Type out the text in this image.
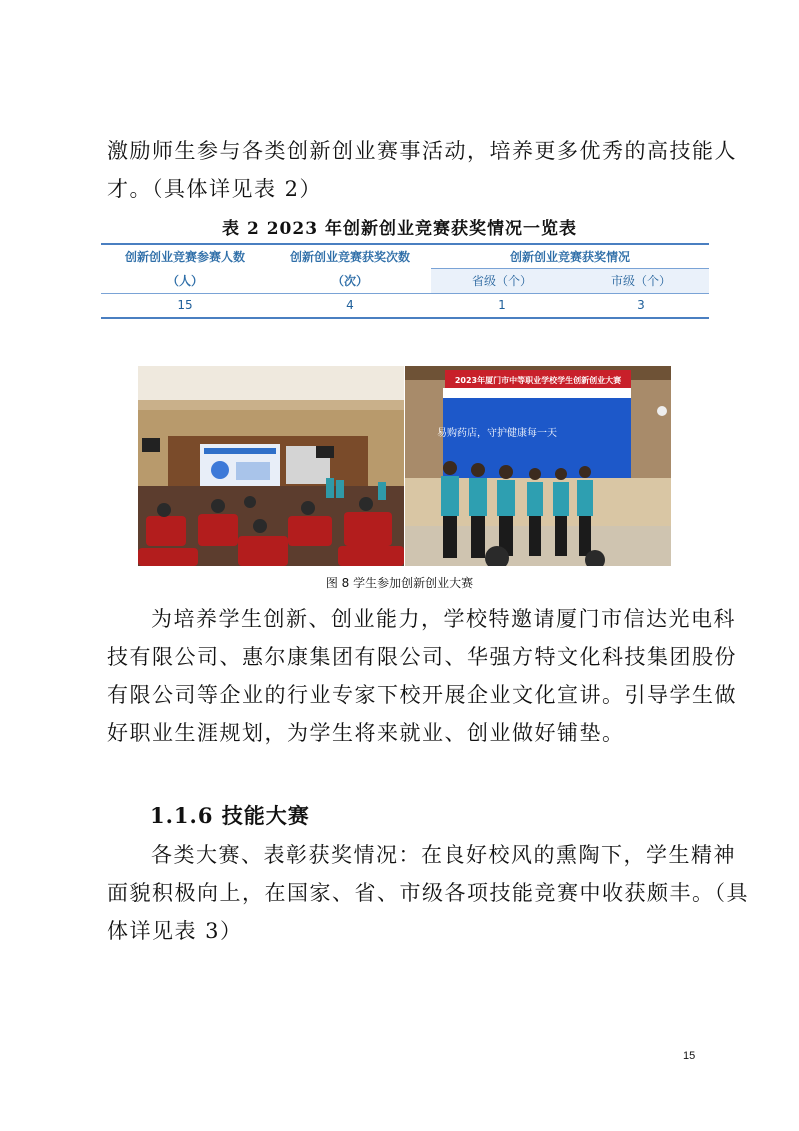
激励师生参与各类创新创业赛事活动，培养更多优秀的高技能人
才。（具体详见表 2）
表 2 2023 年创新创业竞赛获奖情况一览表
创新创业竞赛参赛人数	创新创业竞赛获奖次数	创新创业竞赛获奖情况	
（人）	（次）	省级（个）	市级（个）
15	4	1	3
2023年厦门市中等职业学校学生创新创业大赛
易购药店，守护健康每一天
图 8 学生参加创新创业大赛
为培养学生创新、创业能力，学校特邀请厦门市信达光电科
技有限公司、惠尔康集团有限公司、华强方特文化科技集团股份
有限公司等企业的行业专家下校开展企业文化宣讲。引导学生做
好职业生涯规划，为学生将来就业、创业做好铺垫。
1.1.6 技能大赛
各类大赛、表彰获奖情况：在良好校风的熏陶下，学生精神
面貌积极向上，在国家、省、市级各项技能竞赛中收获颇丰。（具
体详见表 3）
15
